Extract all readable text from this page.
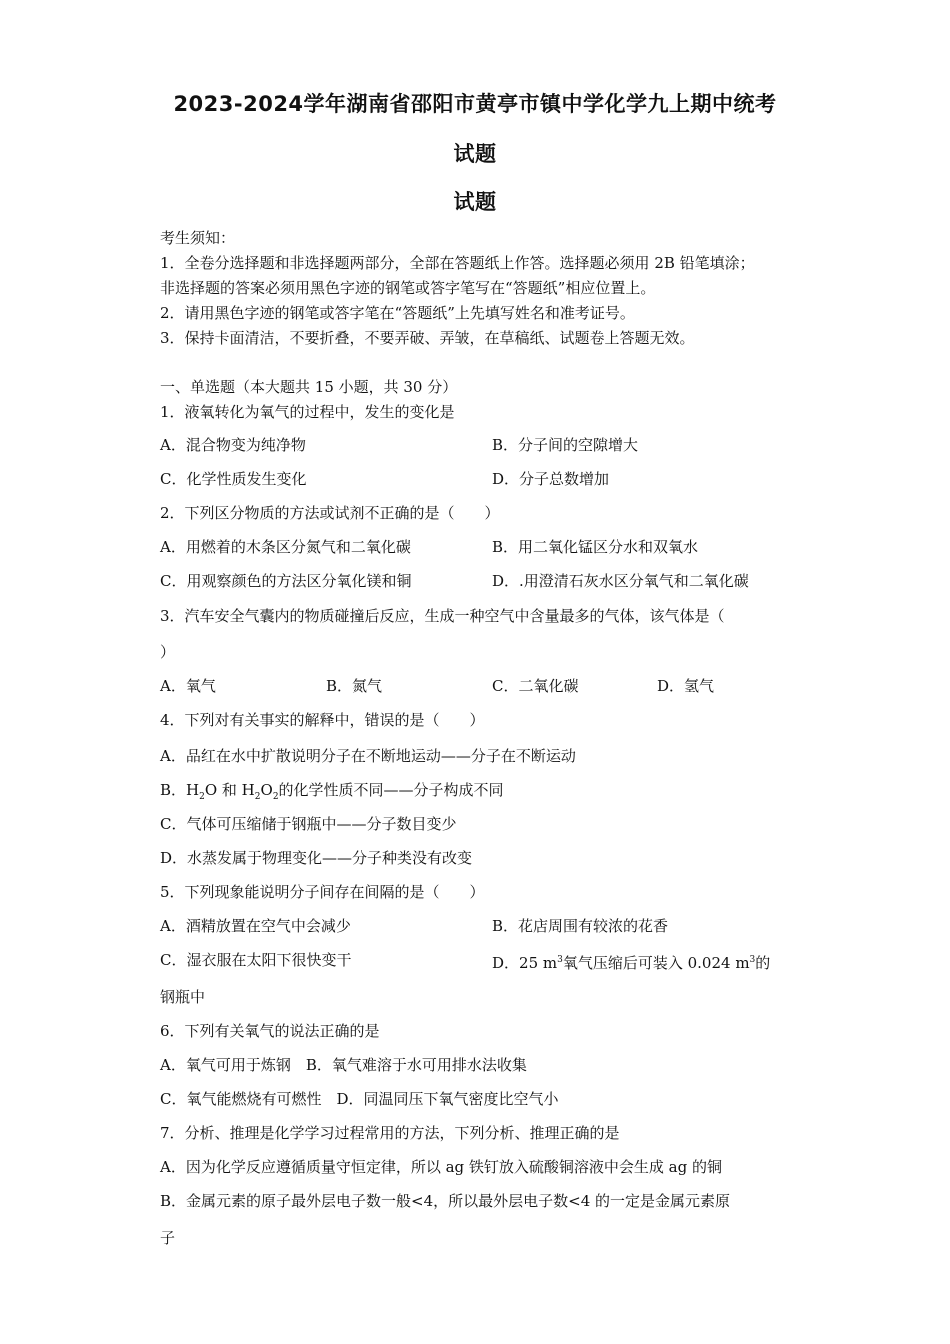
2023-2024学年湖南省邵阳市黄亭市镇中学化学九上期中统考
试题
试题
考生须知：
1．全卷分选择题和非选择题两部分，全部在答题纸上作答。选择题必须用 2B 铅笔填涂；
非选择题的答案必须用黑色字迹的钢笔或答字笔写在“答题纸”相应位置上。
2．请用黑色字迹的钢笔或答字笔在“答题纸”上先填写姓名和准考证号。
3．保持卡面清洁，不要折叠，不要弄破、弄皱，在草稿纸、试题卷上答题无效。
一、单选题（本大题共 15 小题，共 30 分）
1．液氧转化为氧气的过程中，发生的变化是
A．混合物变为纯净物	B．分子间的空隙增大
C．化学性质发生变化	D．分子总数增加
2．下列区分物质的方法或试剂不正确的是（　　）
A．用燃着的木条区分氮气和二氧化碳	B．用二氧化锰区分水和双氧水
C．用观察颜色的方法区分氧化镁和铜	D．.用澄清石灰水区分氧气和二氧化碳
3．汽车安全气囊内的物质碰撞后反应，生成一种空气中含量最多的气体，该气体是（
）
A．氧气	B．氮气	C．二氧化碳	D．氢气
4．下列对有关事实的解释中，错误的是（　　）
A．品红在水中扩散说明分子在不断地运动——分子在不断运动
B．$H_2O$ 和 $H_2O_2$的化学性质不同——分子构成不同
C．气体可压缩储于钢瓶中——分子数目变少
D．水蒸发属于物理变化——分子种类没有改变
5．下列现象能说明分子间存在间隔的是（　　）
A．酒精放置在空气中会减少	B．花店周围有较浓的花香
C．湿衣服在太阳下很快变干	D．25 $m^3$氧气压缩后可装入 0.024 $m^3$的
钢瓶中
6．下列有关氧气的说法正确的是
A．氧气可用于炼钢　B．氧气难溶于水可用排水法收集
C．氧气能燃烧有可燃性　D．同温同压下氧气密度比空气小
7．分析、推理是化学学习过程常用的方法，下列分析、推理正确的是
A．因为化学反应遵循质量守恒定律，所以 ag 铁钉放入硫酸铜溶液中会生成 ag 的铜
B．金属元素的原子最外层电子数一般<4，所以最外层电子数<4 的一定是金属元素原
子
